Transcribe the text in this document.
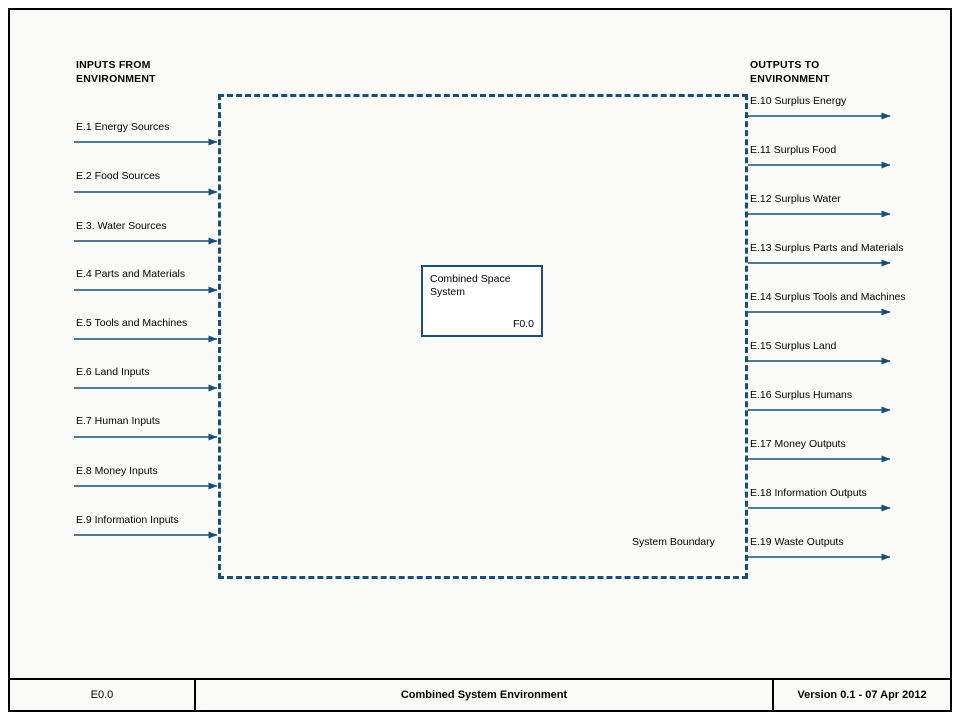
INPUTS FROM
ENVIRONMENT
OUTPUTS TO
ENVIRONMENT
Combined Space
System
F0.0
System Boundary
E.1 Energy Sources
E.2 Food Sources
E.3. Water Sources
E.4 Parts and Materials
E.5 Tools and Machines
E.6 Land Inputs
E.7 Human Inputs
E.8 Money Inputs
E.9 Information Inputs
E.10 Surplus Energy
E.11 Surplus Food
E.12 Surplus Water
E.13 Surplus Parts and Materials
E.14 Surplus Tools and Machines
E.15 Surplus Land
E.16 Surplus Humans
E.17 Money Outputs
E.18 Information Outputs
E.19 Waste Outputs
E0.0	Combined System Environment	Version 0.1 - 07 Apr 2012
